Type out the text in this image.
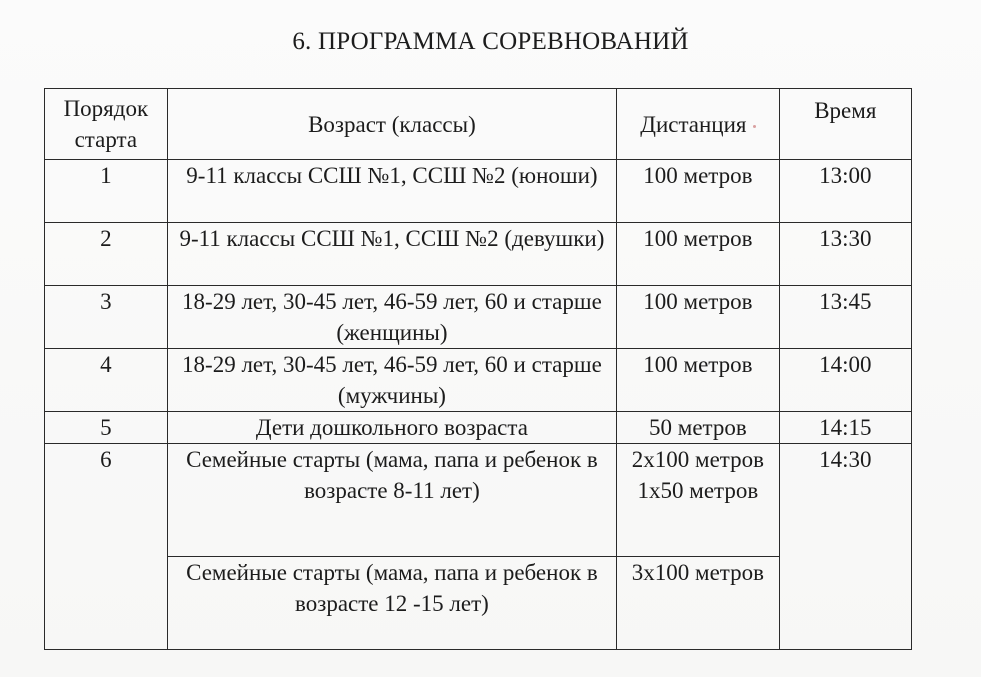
6. ПРОГРАММА СОРЕВНОВАНИЙ
Порядок старта	Возраст (классы)	Дистанция	Время
1	9-11 классы ССШ №1, ССШ №2 (юноши)	100 метров	13:00
2	9-11 классы ССШ №1, ССШ №2 (девушки)	100 метров	13:30
3	18-29 лет, 30-45 лет, 46-59 лет, 60 и старше (женщины)	100 метров	13:45
4	18-29 лет, 30-45 лет, 46-59 лет, 60 и старше (мужчины)	100 метров	14:00
5	Дети дошкольного возраста	50 метров	14:15
6	Семейные старты (мама, папа и ребенок в возрасте 8-11 лет)	2х100 метров 1х50 метров	14:30
	Семейные старты (мама, папа и ребенок в возрасте 12 -15 лет)	3х100 метров	
